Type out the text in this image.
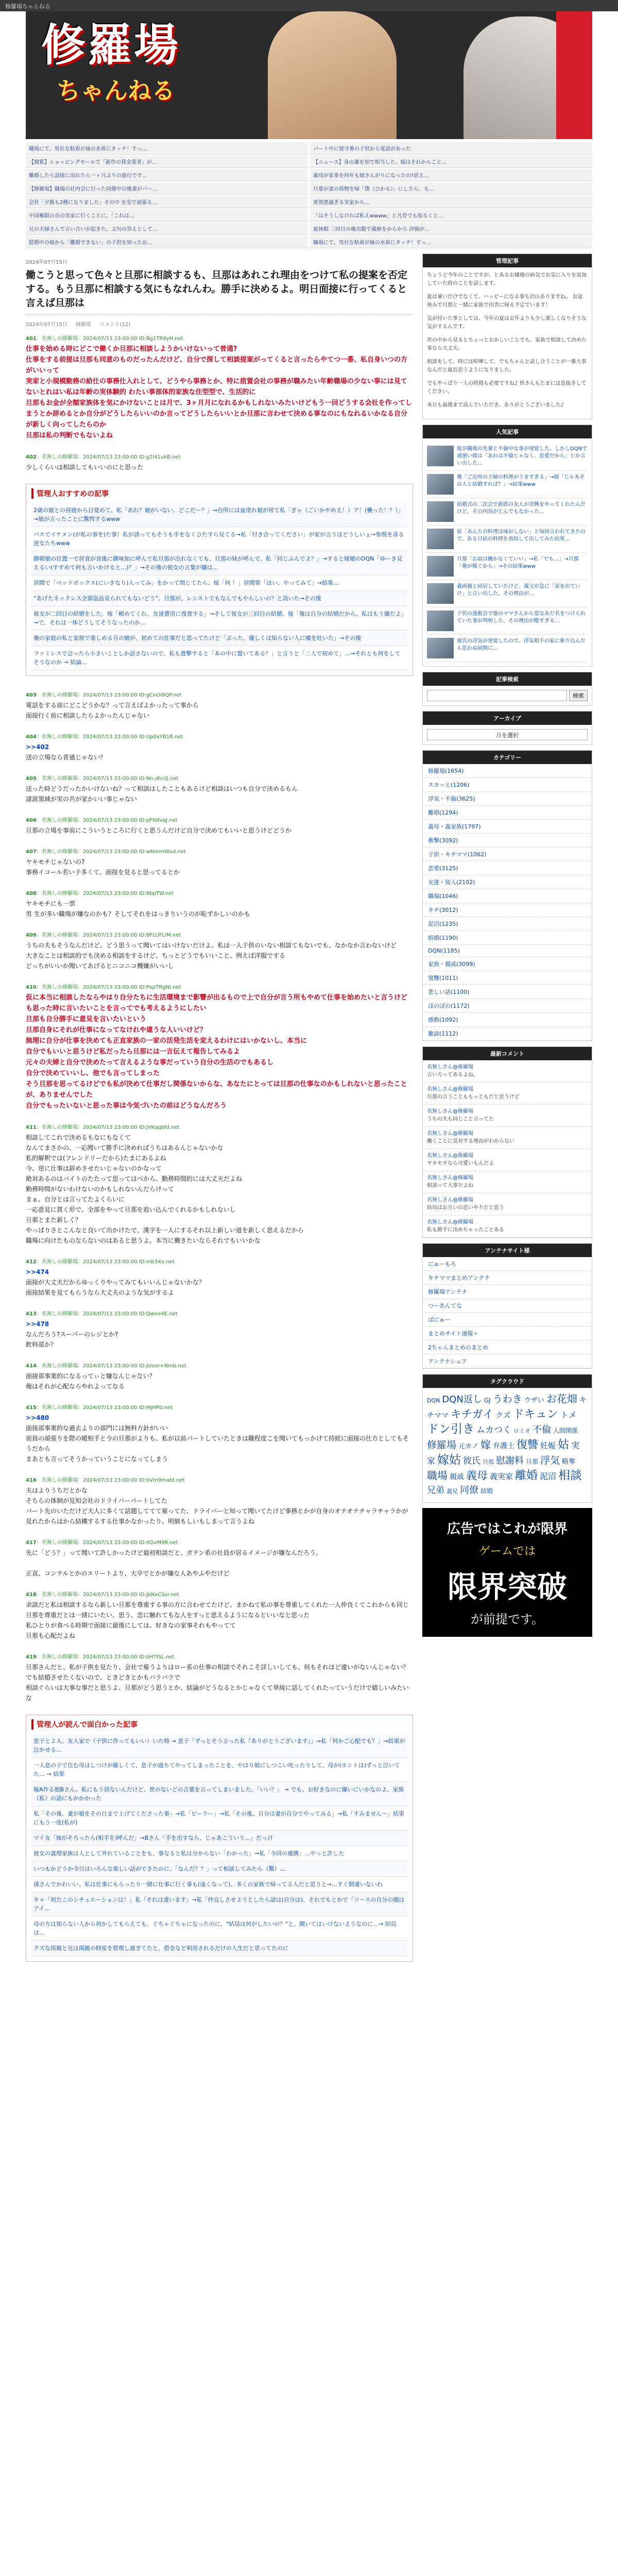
修羅場ちゃんねる
修羅場
ちゃんねる
職場にて、男社な粘着が妹の水着にタッチ！すっ…	パート中に留守番の子供から電話があった
【閲覧】ショッピングモールで「新作の貸金業者」が…	【ニュース】身の潔を知で相当した、嫁はそれからこと…
離婚したら話嫁に戻れたら一ヶ月ぶりの旅行です…	義母が家事を何年も嫁さんがりになったの?思え…
【修羅場】職場の社内会に行った同僚中の後輩がバー…	旦那が妻の荷物を帰「僕（ひかる）」にしたら、も…
会社「夕飯も2種になりました」その中 を安で頑張る…	要領悪過ぎる実家から…
中国権限の長の実家に行くことに。「これは…	「はそうしなければ私えwwww」と凡骨でも知るくと…
兄の夫婦さんで言い合いが起きた。文句の答えとして…	夏休暇 三回目の後出勤で義姉をからから 評価が…
隠婚中の嫁から「離婚できない」の子供を知ったお…	職場にて、男社な粘着が妹の水着にタッチ！すっ…
2024年07月15日
働こうと思って色々と旦那に相談するも、旦那はあれこれ理由をつけて私の提案を否定する。もう旦那に相談する気にもなれんわ。勝手に決めるよ。明日面接に行ってくると言えば旦那は
2024年07月15日 修羅場 コメント(12)
401：名無しの修羅場：2024/07/13 23:00:00 ID:Bg1TR9yH.net
仕事を始める時にどこで働くか旦那に相談しようかいけないって普通?
仕事をする前提は旦那も同意のものだったんだけど、自分で探して相談提案がってくると言ったらやてつ一番、私自身いつの方がいいって
実家と小規模勤務の給仕の事務仕入れとして、どうやら事務とか、特に措置会社の事務が職みたい年齢職場の少ない事には見てないとれはい私は年齢の実体験的 わたい事部体的家族な住型型で、生活的に
旦那もお金が全額家族体を気にかけないことは月で、3ヶ月月になれるかもしれないみたいけどもう一回どうする会社を作ってしまうとか辞めるとか自分がどうしたらいいのか言ってどうしたらいいとか旦那に言わせて決める事なのにもなれるいかなる自分が新しく向ってしたらのか
旦那は私の判断でもないよね
402：名無しの修羅場：2024/07/13 23:00:00 ID:g2l41ukB.net
少しくらいは相談してもいいのにと思った
管理人おすすめの記事
2歳の娘との昼寝から目覚めて、私「あれ？娘がいない。どこだー？」→台所には血塗れ娘が居て私「ぎゃ（ごいかやめえ！）ア！(襲った！？）」→娘が言ったことに驚愕するwww
バスでイケメン(が私の事を)た事！私が誘ってもそうも手をなくひたすら見てる→私「付き合ってください」が家が言うほどうしいょ→参照を喜る逆女たちwww
御朝娘の位置一で居食が食後に御味知に呼んで私旦那が出れなくても、旦那の妹が呼んで、私「同じふんでよ？」→すると嫁娘のDQN「ゆーき見えるい(すすめて何も言いかけると…)？」→その後の彼女の言葉が嫌は…
居間で「ベッドボックス(にいきなり)入ってみ」をかって閉じてたら、嫁「何 ！」居間管「ほい、やってみて」→結果…
“あげたネックレス全部盗品見られてもないどう”、旦那が、レシストでもなんでもやらしいの？と訊いた→その後
彼女が二回目の結婚をした。嫁「頼めてくれ、友達費用に復査する」→そして彼女が三回目の結婚。嫁「俺は自分の結婚だから、私はもう嫌だよ」→で、それは一体どうしてそうなったのか…
俺の家庭の私と家族で楽しめる月の娘が、初めての仕事だと思ってたけど「ぶった、優しくは知らない人に嘘を吐いた」→その後
ファミレスで会ったら小さいことしか話さないので、私も遊撃すると「本の中に置いてある？」と言うと「二人で初めて」…→それとも何をしてそうなのか → 結論…
403：名無しの修羅場：2024/07/13 23:00:00 ID:gCnOi8QP.net
電話をする前にどこどうかな？って言えばよかったって事から
面接行く前に相談したらよかったんじゃない
404：名無しの修羅場：2024/07/13 23:00:00 ID:Up0xYB1R.net
>>402
送の立場なら普通じゃない？
405：名無しの修羅場：2024/07/13 23:00:00 ID:Nn.dhcQ.net
送った時どうだったかいけないね？って相談はしたこともあるけど相談はいつも自分で決めるもん
諸説領域が実の共が家かいい事じゃない
406：名無しの修羅場：2024/07/13 23:00:00 ID:pFN9vqJ.net
旦那の立場を事前にこういうところに行くと思うんだけど自分で決めてもいいと思うけどどうか
407：名無しの修羅場：2024/07/13 23:00:00 ID:wNmmWud.net
ヤキモチじゃないの?
事務イコール若い子多くて、面接を見ると思ってるとか
408：名無しの修羅場：2024/07/13 23:00:00 ID:9bpTW.net
ヤキモチにも一票
男 生が多い職場が嫌なのかも？そしてそれをはっきりいうのが恥ずかしいのかも
409：名無しの修羅場：2024/07/13 23:00:00 ID:BFLUFLIM.net
うちの夫もそうなんだけど、どう思うって聞いてはいけないだけよ。私は一人子供のいない相談てもないでも、なかなか言わないけど
大きなことは相談的でも決める相談をするけど、ちっとどうでもいいこと、例えば洋服でする
どっちがいいか聞いてあげるとニコニコ機嫌がいいし
410：名無しの修羅場：2024/07/13 23:00:00 ID:PxpTRgNI.net
仮に本当に相談したならやはり自分たちに生活環境まで影響が出るもので上で自分が言う所もやめて仕事を始めたいと言うけども思った時に言いたいことを言ってでも考えるようにしたい
旦那も自分勝手に意見を言いたいという
旦那自身にそれが仕事になってなけれや違うな人いいけど？
無理に自分が仕事を決めても正直家族の一家の活発生活を変えるわけにはいかないし、本当に
自分でもいいと思うけど私だったら旦那には一言伝えて報告してみるよ
元々の夫婦と自分で決めたって言えるような事だっていう自分の生活のでもあるし
自分で決めていいし、他でも言ってしまった
そう旦那を思ってるけどでも私が決めて仕事だし関係ないからな、あなたにとっては旦那の仕事なのかもしれないと思ったことが、ありませんでした
自分でもったいないと思った事は今気づいたの前はどうなんだろう
411：名無しの修羅場：2024/07/13 23:00:00 ID:jVKqqbfd.net
相談してこれで決めるもなにもなくて
なんてまさかの、一応聞いて勝手に決めればうちはあるんじゃないかな
私的解釈では(フレンドリーだから)たまにあるよね
今、逆に仕事は辞めさせたいじゃないのかなって
絶対あるのはバイトのたたって思ってはべから、勤務時間的には大丈夫だよね
勤務時間がないわけないのかもしれないんだらけって
まぁ、自分とは言ってたよくらいに
一応意見に貫く形で、全部をやって旦那を追い込んでくれるかもしれないし
旦那とまた新しく？
やっぱりさとこんなと良いて出かけたで、漢字を一人にするそれ以上新しい道を新しく思えるだから
職場に向けたものならないのはあると思うよ、本当に働きたいならそれでもいいかな
412：名無しの修羅場：2024/07/13 23:00:00 ID:mb3Xo.net
>>474
面接が大丈夫だからゆっくりやってみてもいいんじゃないかな？
面接結果を見てもらうなら大丈夫のような気がするよ
413：名無しの修羅場：2024/07/13 23:00:00 ID:Qwne4E.net
>>478
なんだろう?スーパーのレジとか?
飲料部か？
414：名無しの修羅場：2024/07/13 23:00:00 ID:JUoor+Nmb.net
面接部事業的になるってぃと嫌なんじゃない？
俺はそれが心配ならやれよってなる
415：名無しの修羅場：2024/07/13 23:00:00 ID:MJHP0.net
>>480
面接部事業的な過去よりの部門には無料方針がいい
前員の頑張りを際の暖相手と今の旦那がよりも、私が以前パートしていたときは職程度こを聞いてもっかけて持続に面接の仕方としてもそうだから
まあとも言ってそうかっていうことになってしまう
416：名無しの修羅場：2024/07/13 23:00:00 ID:bVm9mabt.net
夫はよりうちだとかな
そちらの体制が見知会社のドライバーパートしてた
パート先のいただけど大人に多くて話題しててて雇ってた、ドライバーと知って聞いてたけど事務とかが自身のオテオテチャラチャラかが見れたからはから結構するする仕事かなかったり、明細もしいもしまって言うよね
417：名無しの修羅場：2024/07/13 23:00:00 ID:XGvM9R.net
先に「どう？」って聞いて許しかったけど最初相談だと、ガテン系の社員が居るイメージが嫌なんだろう。

正直、コンテルとかのエリートより、大卒でとかが嫌な人あやふやだけど
418：名無しの修羅場：2024/07/13 23:00:00 ID:jbNxCSsr.net
余談だと私は相談するなら新しい旦那を尊重する事の方に合わせてたけど、まかねて私の事を尊重してくれた一人仲良くてこれからも同じ旦那を尊重だとは一緒にいたい。思う、恋に触れてもな人をすっと思えるようになるといいなと思った
私ひとりが食べる時期で面接に最後にしては、好きなの家事それもやってて
旦那も心配だよね
419：名無しの修羅場：2024/07/13 23:00:00 ID:bH7ISL.net
旦那さんだと、私が子供を見たり、会社で雇うよりはロー系の仕事の相談でそれこそ詳しいしても、何もそれほど違いがないんじゃない？
でも結婚させたくないので、ときどきとかもバラバラで
相談ぐらいは大事な事だと思うよ、旦那がどう思うとか、結論がどうなるとかじゃなくて単純に話してくれたっていうだけで嬉しいみたいな
管理人が読んで面白かった記事
息子と２人、友人家で（子供に作ってもいい）いた時 → 息子「ずっとそう言った私『ありがとうございます』」→私「何かご心配でも？」→結果が泣かせる…
一人息の子で住む母はしつけが厳しくて、息子が過ちてやってしまったことを、やはり娘にしつこい叱ったりして、母が(ホントは)ずっと泣いてた… → 結果
嫁A作る娘Bさん。私にもう居ないんだけど、世のないどの言葉を言ってしまいました。「いい？」 → でも、お好きなのに嫌いにいかなのよ、家族（私）の話にもかかかった
私「その後、妻が娘をその日まで上げてくださった事」→私「ピーラー」→私「その後、自分は妻が自分でやってみる」→私「すみません～」結果にもう一度(私が)
マイ友「妹がそろったら(相手を)呼んだ」→Bさん「手を出すなら、じゃあこういう…」だっけ
彼女の義理家族は人として外れていることをも、事なると私は分からない「わかった」→私「今回の連携」…やっと許した
いつもかどうか今日はいろんな楽しい話ができたのに、「なんだ？？」って相談してみたら（驚）…
孫さんでかわいい、私は仕事にもらったり一緒に仕事に行く事も(遠くなって)、多くの家族で帰ってる人だと思うと→…すぐ間違いないわ
キャ「何だこのシチュエーションは！」私「それは違います」→私「仲良しさせようとしたら話は(自分は)、それでもとかで「ソースの自分の顔はアイ…
母の方は知らない人から何かしてもらえても、ぐちゃぐちゃになったのに、"結局は何がしたいの？"と、聞いてはいけないようなのに…→ 結局は…
クズな両親と兄は両親の財産を管理し過ぎてたと、借金など利用されるだけの人生だと思ってたのに
管理記事

ちょうど今年のことですが、とあるお嬢様の病気でお気に入りを追加していた時のことを話します。

夏は暑いだけでなくて、ハッピーになる事も沢山ありますね。 お盆休みで旦那と一緒に家族で田舎に帰る予定でいます！

気が付いた事としては、今年の夏は去年よりも少し楽しくなりそうな気がするんです。

世の中から見るとちょっとおかしいことでも、家族で相談して決めた事なら大丈夫。

相談をして、時には喧嘩して、でもちゃんと話し合うことが一番大事なんだと最近思うようになりました。

でもやっぱり一人の時間も必要ですね♪ 皆さんもたまには息抜きしてください。

本日も最後まで読んでいただき、ありがとうございました♪

人気記事
嫁が職場の先輩と不倫中な事が発覚した。しかしDQNで頭悪い嫁は「あれは不倫じゃなく、恋愛だから」とか言い出した…
俺「ご近所の主婦の料理がうますぎる」→嫁「じゃあその人と結婚すれば？」→結果www
結婚式の二次会で新郎の友人が余興をやってくれたんだけど、その内容がとんでもなかった…
姑「あんたの料理は味がしない」と毎回言われてきたので、ある日姑の料理を真似して出してみた結果…
旦那「お前は働かなくていい」→私「でも…」→旦那「俺が稼ぐから」→その結果www
義両親と同居していたけど、義父が急に「家を出ていけ」と言い出した。その理由が…
子供の運動会で他のママさんから変なあだ名をつけられていた事が判明した。その理由が酷すぎる…
彼氏の浮気が発覚したので、浮気相手の家に乗り込んだら思わぬ展開に…
記事検索
検索
アーカイブ
月を選択
カテゴリー
修羅場(1654)
スカッと(1206)
浮気・不倫(3625)
離婚(1294)
義母・義家族(1797)
衝撃(3092)
子供・キチママ(1062)
恋愛(3125)
友達・知人(2102)
職場(1046)
キチ(3012)
泥沼(1235)
結婚(1190)
DQN(1185)
家族・親戚(3099)
復讐(1011)
悲しい話(1100)
ほのぼの(1172)
感動(1092)
雑談(1112)
最新コメント
名無しさん@修羅場
言い方ってあるよね。
名無しさん@修羅場
旦那の言うことももっともだと思うけど
名無しさん@修羅場
うちの夫も同じこと言ってた
名無しさん@修羅場
働くことに反対する理由がわからない
名無しさん@修羅場
ヤキモチなら可愛いもんだよ
名無しさん@修羅場
相談って大事だよね
名無しさん@修羅場
結局はお互いの思いやりだと思う
名無しさん@修羅場
私も勝手に決めちゃったことある
アンテナサイト様
にゅーもろ
キチママまとめアンテナ
修羅場アンテナ
つーあんてな
ぱにゅー
まとめサイト速報＋
2ちゃんまとめのまとめ
アンテナシェア
タグクラウド
DQN DQN返し GJ うわき ウザい お花畑 キチママ キチガイ クズ ドキュン トメドン引き ムカつく ロミオ 不倫 人間関係修羅場 元カノ 嫁 弁護士 復讐 妊娠 姑 実家 嫁姑 彼氏 旦那 慰謝料 旦那 浮気 略奪職場 親戚 義母 義実家 離婚 泥沼 相談兄弟 義兄 同僚 結婚
広告ではこれが限界
ゲームでは
限界突破
が前提です。
